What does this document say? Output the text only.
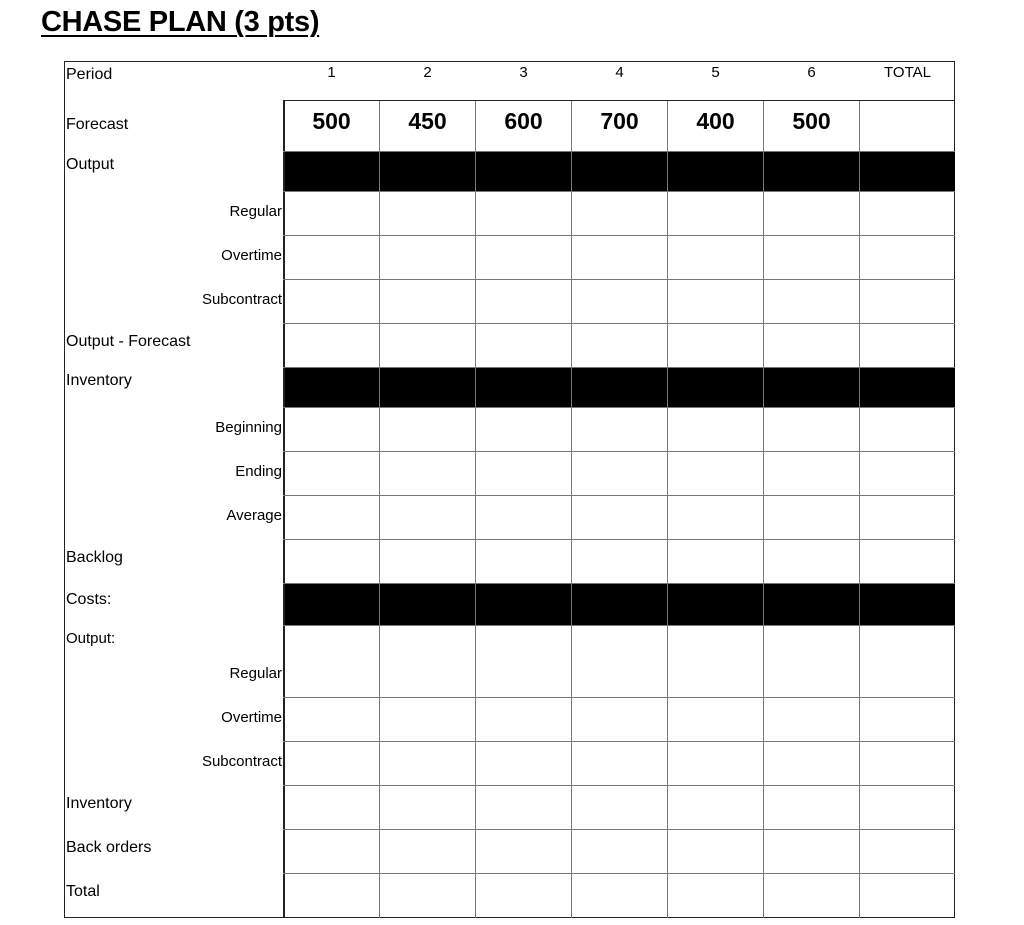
CHASE PLAN (3 pts)
Period	1	2	3	4	5	6	TOTAL
Forecast	500	450	600	700	400	500
Output
Regular
Overtime
Subcontract
Output - Forecast
Inventory
Beginning
Ending
Average
Backlog
Costs:
Output:
Regular
Overtime
Subcontract
Inventory
Back orders
Total
